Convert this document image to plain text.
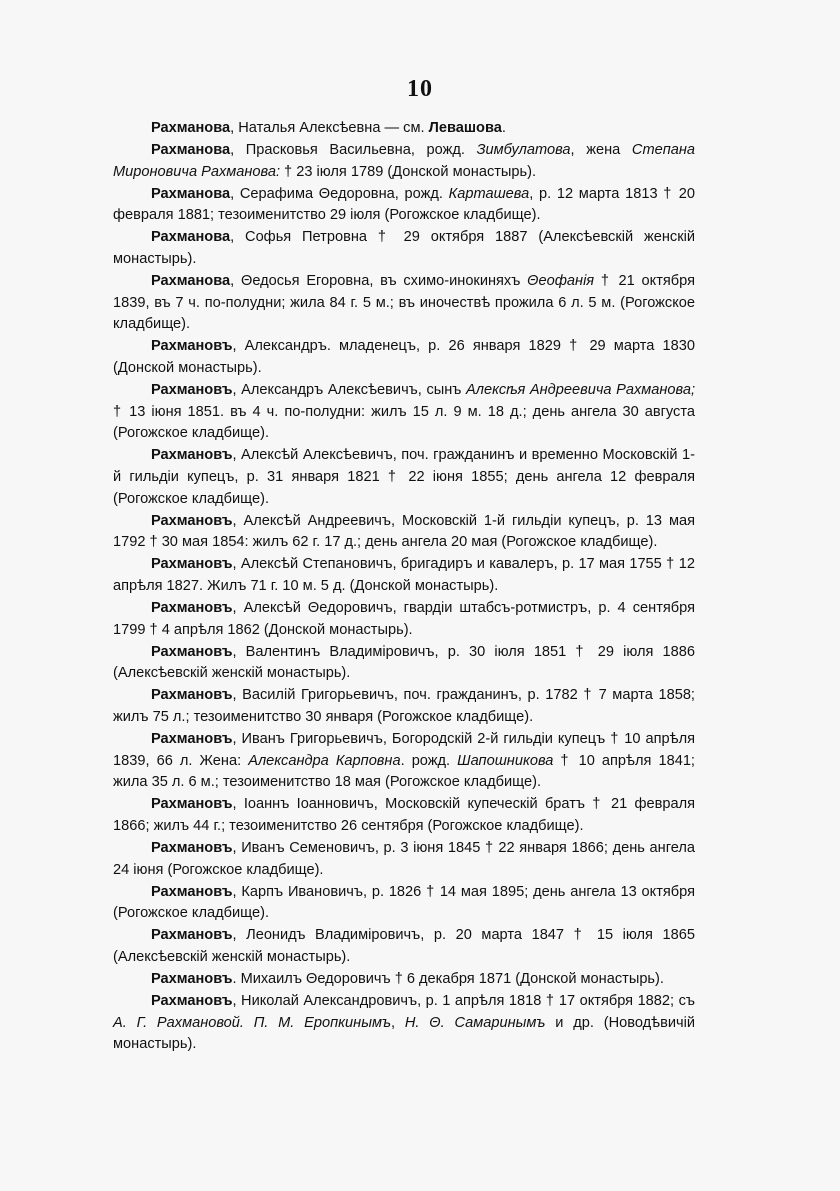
10

Рахманова, Наталья Алексѣевна — см. Левашова.

Рахманова, Прасковья Васильевна, рожд. Зимбулатова, жена Степана Мироновича Рахманова: † 23 іюля 1789 (Донской монастырь).

Рахманова, Серафима Θедоровна, рожд. Карташева, р. 12 марта 1813 † 20 февраля 1881; тезоименитство 29 іюля (Рогожское кладбище).

Рахманова, Софья Петровна † 29 октября 1887 (Алексѣевскій женскій монастырь).

Рахманова, Θедосья Егоровна, въ схимо-инокиняхъ Θеофанія † 21 октября 1839, въ 7 ч. по-полудни; жила 84 г. 5 м.; въ иночествѣ прожила 6 л. 5 м. (Рогожское кладбище).

Рахмановъ, Александръ. младенецъ, р. 26 января 1829 † 29 марта 1830 (Донской монастырь).

Рахмановъ, Александръ Алексѣевичъ, сынъ Алексѣя Андреевича Рахманова; † 13 іюня 1851. въ 4 ч. по-полудни: жилъ 15 л. 9 м. 18 д.; день ангела 30 августа (Рогожское кладбище).

Рахмановъ, Алексѣй Алексѣевичъ, поч. гражданинъ и временно Московскій 1-й гильдіи купецъ, р. 31 января 1821 † 22 іюня 1855; день ангела 12 февраля (Рогожское кладбище).

Рахмановъ, Алексѣй Андреевичъ, Московскій 1-й гильдіи купецъ, р. 13 мая 1792 † 30 мая 1854: жилъ 62 г. 17 д.; день ангела 20 мая (Рогожское кладбище).

Рахмановъ, Алексѣй Степановичъ, бригадиръ и кавалеръ, р. 17 мая 1755 † 12 апрѣля 1827. Жилъ 71 г. 10 м. 5 д. (Донской монастырь).

Рахмановъ, Алексѣй Θедоровичъ, гвардіи штабсъ-ротмистръ, р. 4 сентября 1799 † 4 апрѣля 1862 (Донской монастырь).

Рахмановъ, Валентинъ Владиміровичъ, р. 30 іюля 1851 † 29 іюля 1886 (Алексѣевскій женскій монастырь).

Рахмановъ, Василій Григорьевичъ, поч. гражданинъ, р. 1782 † 7 марта 1858; жилъ 75 л.; тезоименитство 30 января (Рогожское кладбище).

Рахмановъ, Иванъ Григорьевичъ, Богородскій 2-й гильдіи купецъ † 10 апрѣля 1839, 66 л. Жена: Александра Карповна. рожд. Шапошникова † 10 апрѣля 1841; жила 35 л. 6 м.; тезоименитство 18 мая (Рогожское кладбище).

Рахмановъ, Іоаннъ Іоанновичъ, Московскій купеческій братъ † 21 февраля 1866; жилъ 44 г.; тезоименитство 26 сентября (Рогожское кладбище).

Рахмановъ, Иванъ Семеновичъ, р. 3 іюня 1845 † 22 января 1866; день ангела 24 іюня (Рогожское кладбище).

Рахмановъ, Карпъ Ивановичъ, р. 1826 † 14 мая 1895; день ангела 13 октября (Рогожское кладбище).

Рахмановъ, Леонидъ Владиміровичъ, р. 20 марта 1847 † 15 іюля 1865 (Алексѣевскій женскій монастырь).

Рахмановъ. Михаилъ Θедоровичъ † 6 декабря 1871 (Донской монастырь).

Рахмановъ, Николай Александровичъ, р. 1 апрѣля 1818 † 17 октября 1882; съ А. Г. Рахмановой. П. М. Еропкинымъ, Н. Θ. Самаринымъ и др. (Новодѣвичій монастырь).
